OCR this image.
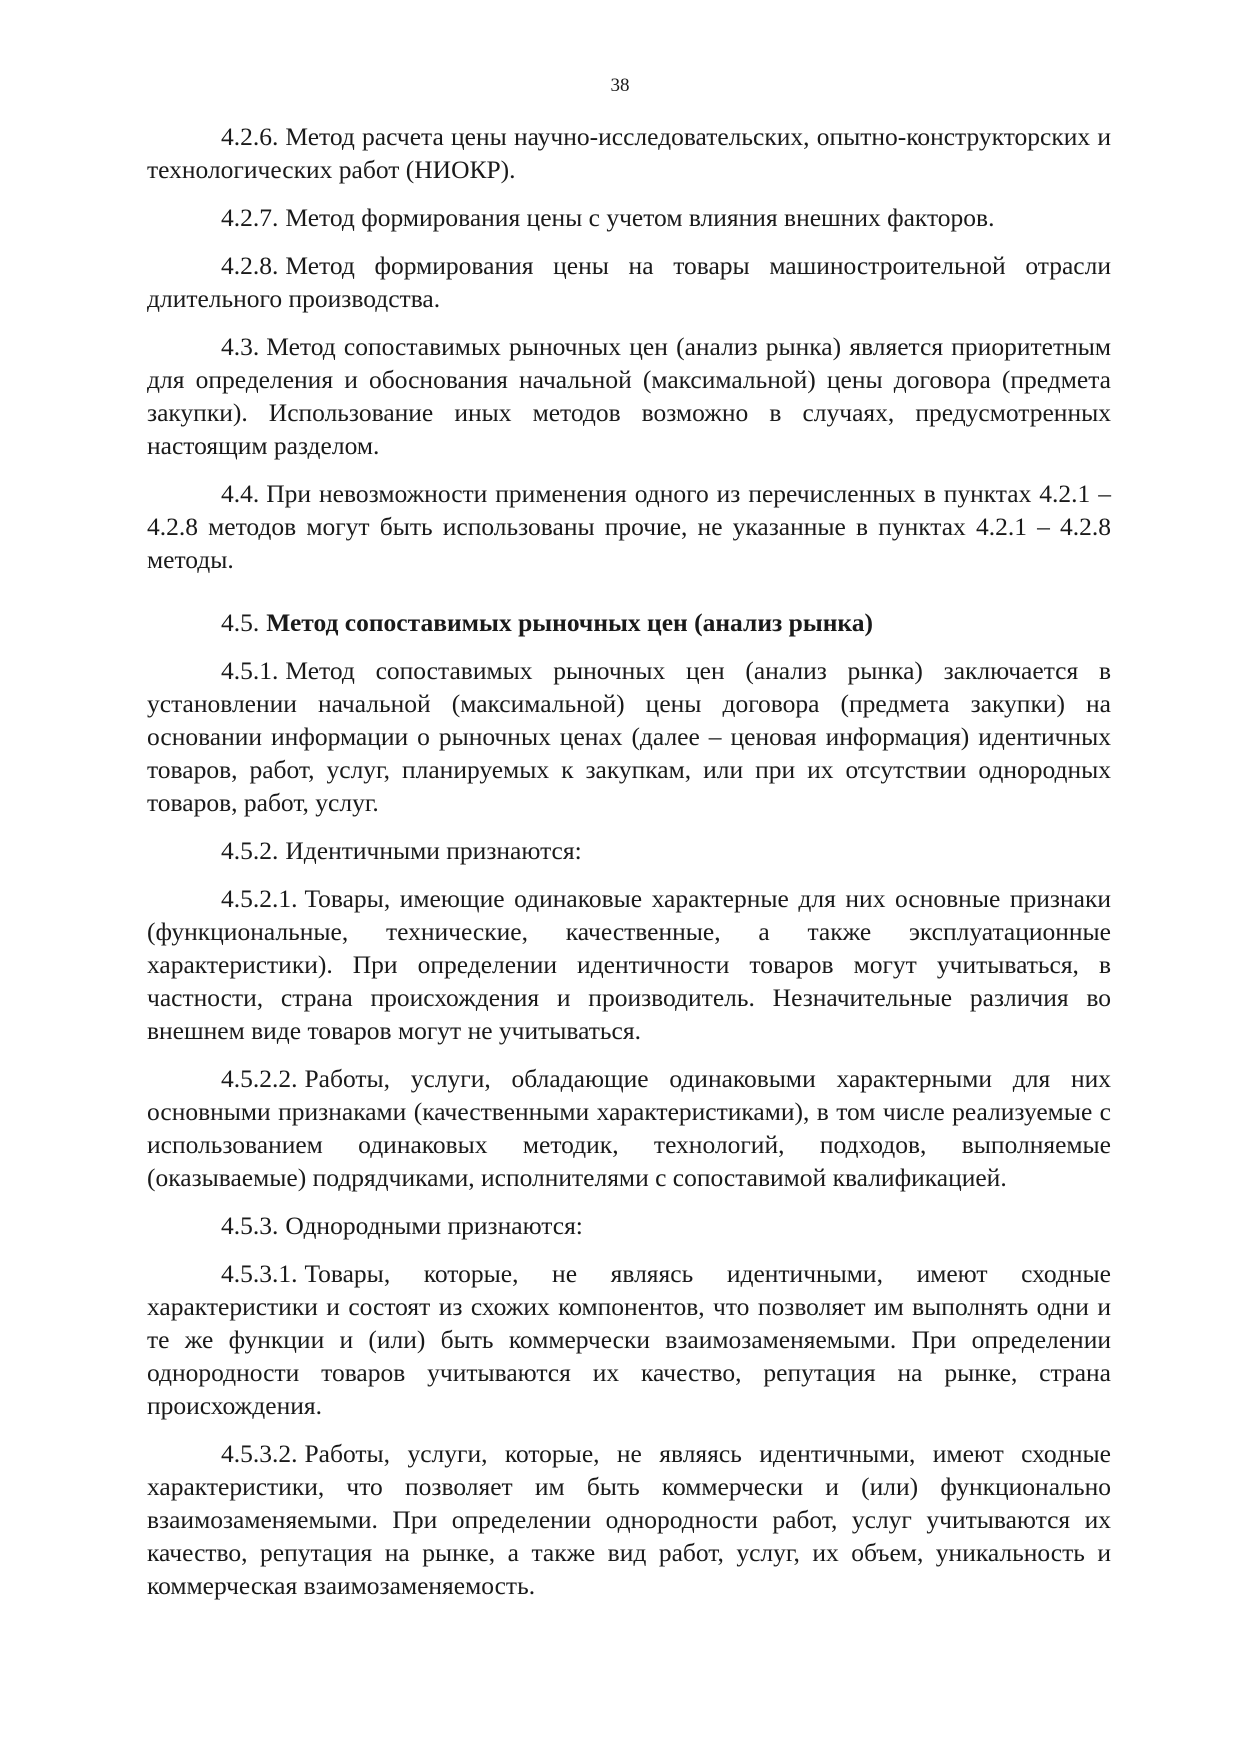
38

4.2.6. Метод расчета цены научно-исследовательских, опытно-конструкторских и технологических работ (НИОКР).

4.2.7. Метод формирования цены с учетом влияния внешних факторов.

4.2.8. Метод формирования цены на товары машиностроительной отрасли длительного производства.

4.3. Метод сопоставимых рыночных цен (анализ рынка) является приоритетным для определения и обоснования начальной (максимальной) цены договора (предмета закупки). Использование иных методов возможно в случаях, предусмотренных настоящим разделом.

4.4. При невозможности применения одного из перечисленных в пунктах 4.2.1 – 4.2.8 методов могут быть использованы прочие, не указанные в пунктах 4.2.1 – 4.2.8 методы.

4.5. Метод сопоставимых рыночных цен (анализ рынка)

4.5.1. Метод сопоставимых рыночных цен (анализ рынка) заключается в установлении начальной (максимальной) цены договора (предмета закупки) на основании информации о рыночных ценах (далее – ценовая информация) идентичных товаров, работ, услуг, планируемых к закупкам, или при их отсутствии однородных товаров, работ, услуг.

4.5.2. Идентичными признаются:

4.5.2.1. Товары, имеющие одинаковые характерные для них основные признаки (функциональные, технические, качественные, а также эксплуатационные характеристики). При определении идентичности товаров могут учитываться, в частности, страна происхождения и производитель. Незначительные различия во внешнем виде товаров могут не учитываться.

4.5.2.2. Работы, услуги, обладающие одинаковыми характерными для них основными признаками (качественными характеристиками), в том числе реализуемые с использованием одинаковых методик, технологий, подходов, выполняемые (оказываемые) подрядчиками, исполнителями с сопоставимой квалификацией.

4.5.3. Однородными признаются:

4.5.3.1. Товары, которые, не являясь идентичными, имеют сходные характеристики и состоят из схожих компонентов, что позволяет им выполнять одни и те же функции и (или) быть коммерчески взаимозаменяемыми. При определении однородности товаров учитываются их качество, репутация на рынке, страна происхождения.

4.5.3.2. Работы, услуги, которые, не являясь идентичными, имеют сходные характеристики, что позволяет им быть коммерчески и (или) функционально взаимозаменяемыми. При определении однородности работ, услуг учитываются их качество, репутация на рынке, а также вид работ, услуг, их объем, уникальность и коммерческая взаимозаменяемость.
